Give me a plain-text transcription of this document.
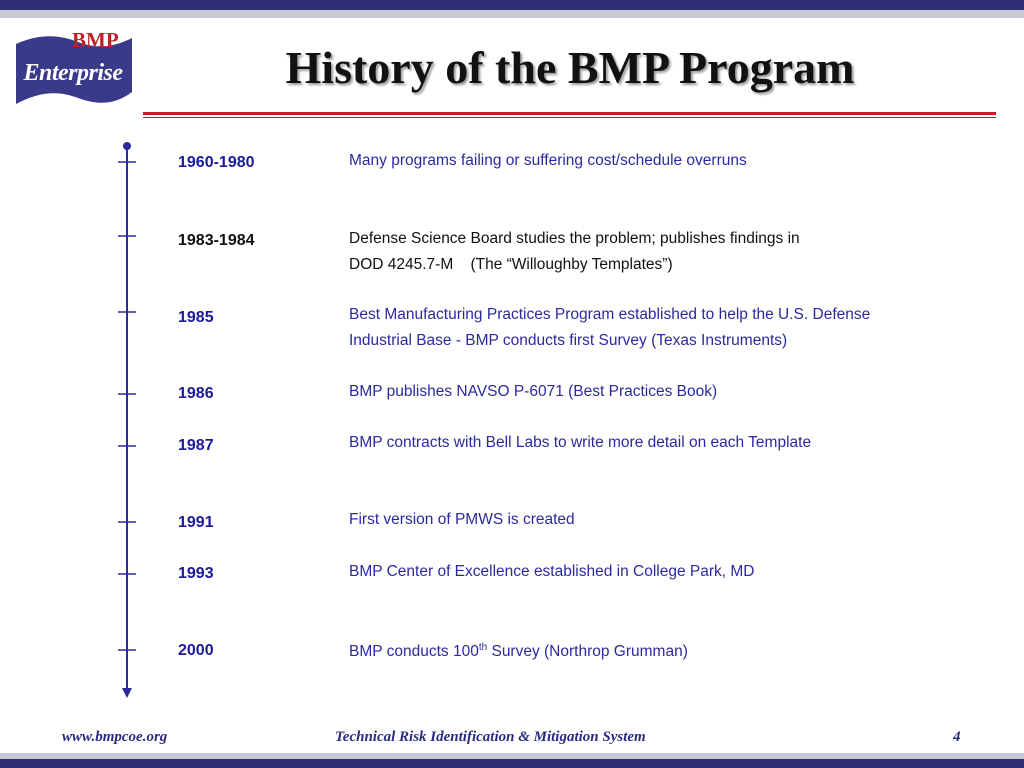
BMP
Enterprise	History of the BMP Program
1960-1980	Many programs failing or suffering cost/schedule overruns
1983-1984	Defense Science Board studies the problem; publishes findings in
DOD 4245.7-M    (The “Willoughby Templates”)
1985	Best Manufacturing Practices Program established to help the U.S. Defense
Industrial Base - BMP conducts first Survey (Texas Instruments)
1986	BMP publishes NAVSO P-6071 (Best Practices Book)
1987	BMP contracts with Bell Labs to write more detail on each Template
1991	First version of PMWS is created
1993	BMP Center of Excellence established in College Park, MD
2000	BMP conducts 100th Survey (Northrop Grumman)
www.bmpcoe.org	Technical Risk Identification & Mitigation System	4
